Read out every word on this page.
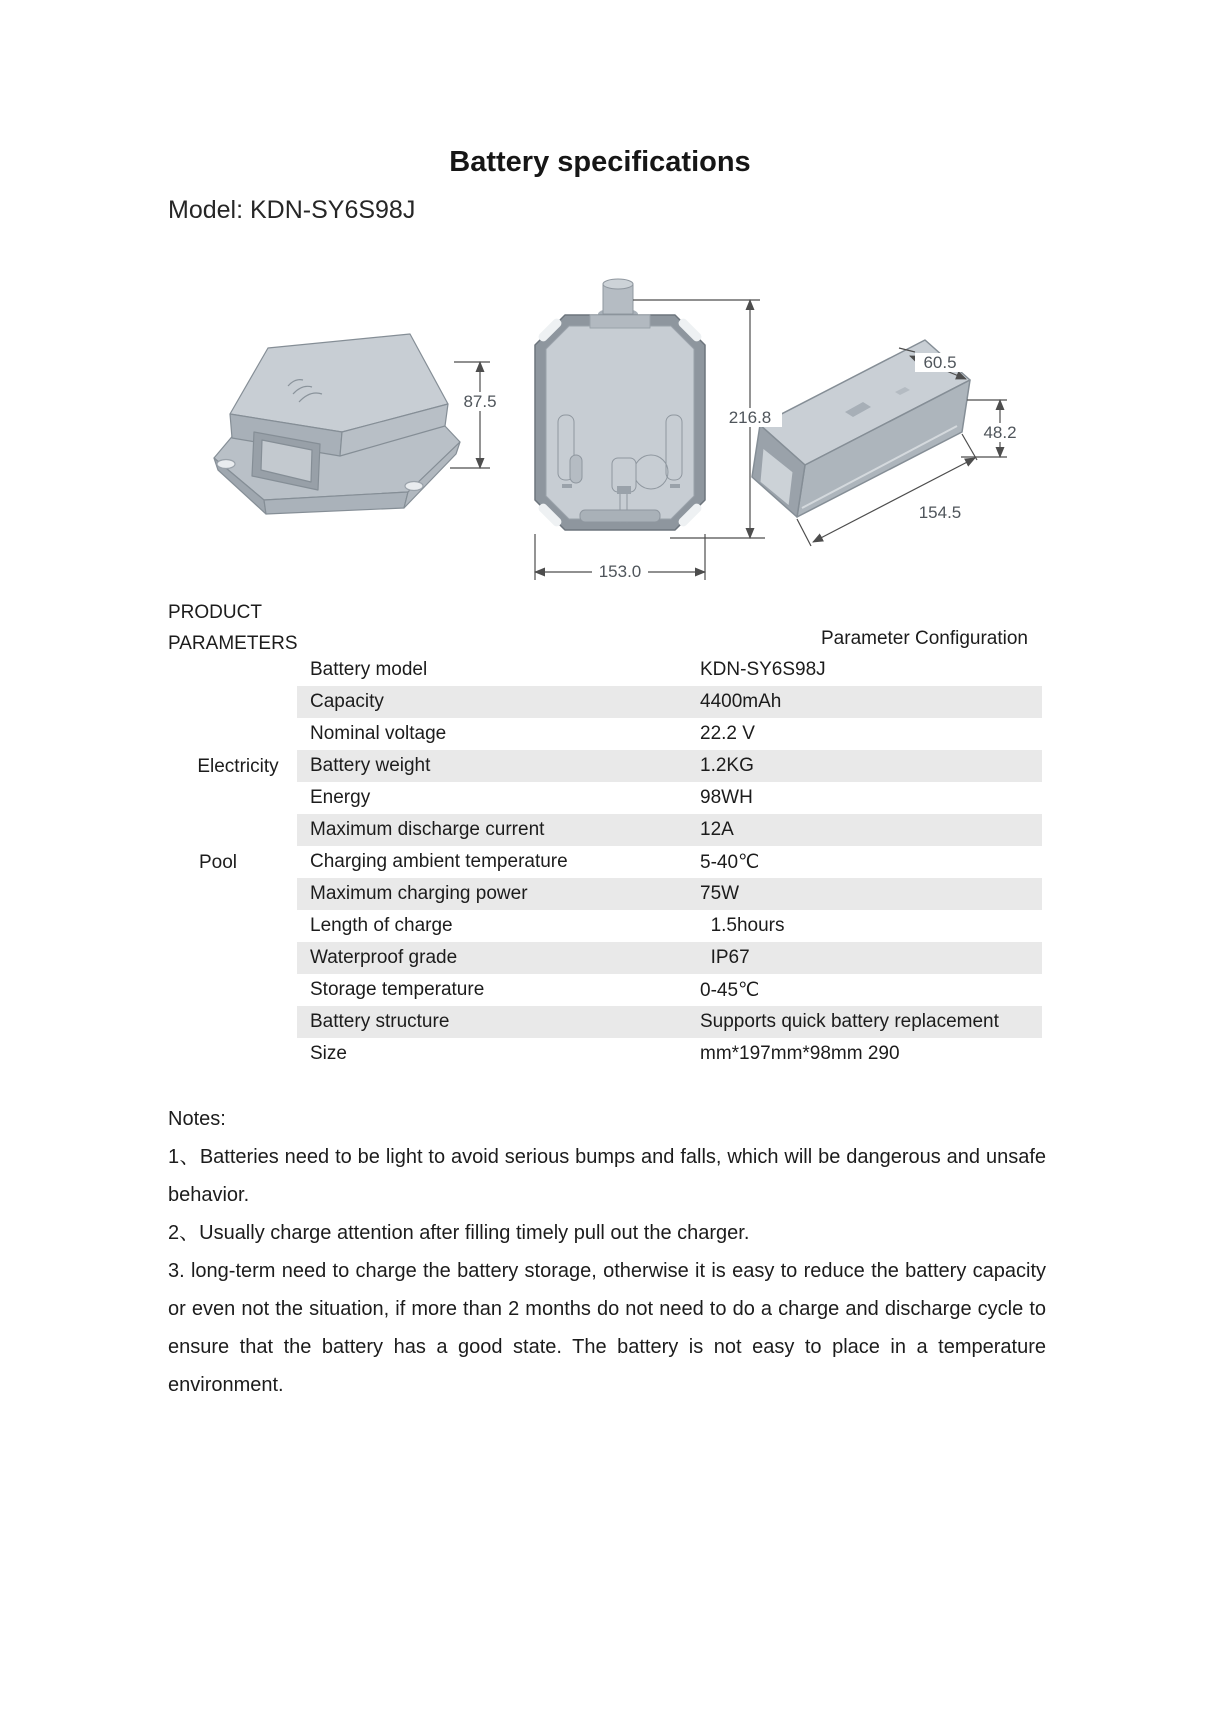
Battery specifications
Model: KDN-SY6S98J
87.5
216.8
153.0
60.5
48.2
154.5
PRODUCT
PARAMETERS	Parameter Configuration
Electricity
Pool
Battery model	KDN-SY6S98J
Capacity	4400mAh
Nominal voltage	22.2 V
Battery weight	1.2KG
Energy	98WH
Maximum discharge current	12A
Charging ambient temperature	5-40℃
Maximum charging power	75W
Length of charge	1.5hours
Waterproof grade	IP67
Storage temperature	0-45℃
Battery structure	Supports quick battery replacement
Size	mm*197mm*98mm 290

Notes:

1、Batteries need to be light to avoid serious bumps and falls, which will be dangerous and unsafe behavior.

2、Usually charge attention after filling timely pull out the charger.

3. long-term need to charge the battery storage, otherwise it is easy to reduce the battery capacity or even not the situation, if more than 2 months do not need to do a charge and discharge cycle to ensure that the battery has a good state. The battery is not easy to place in a temperature environment.
